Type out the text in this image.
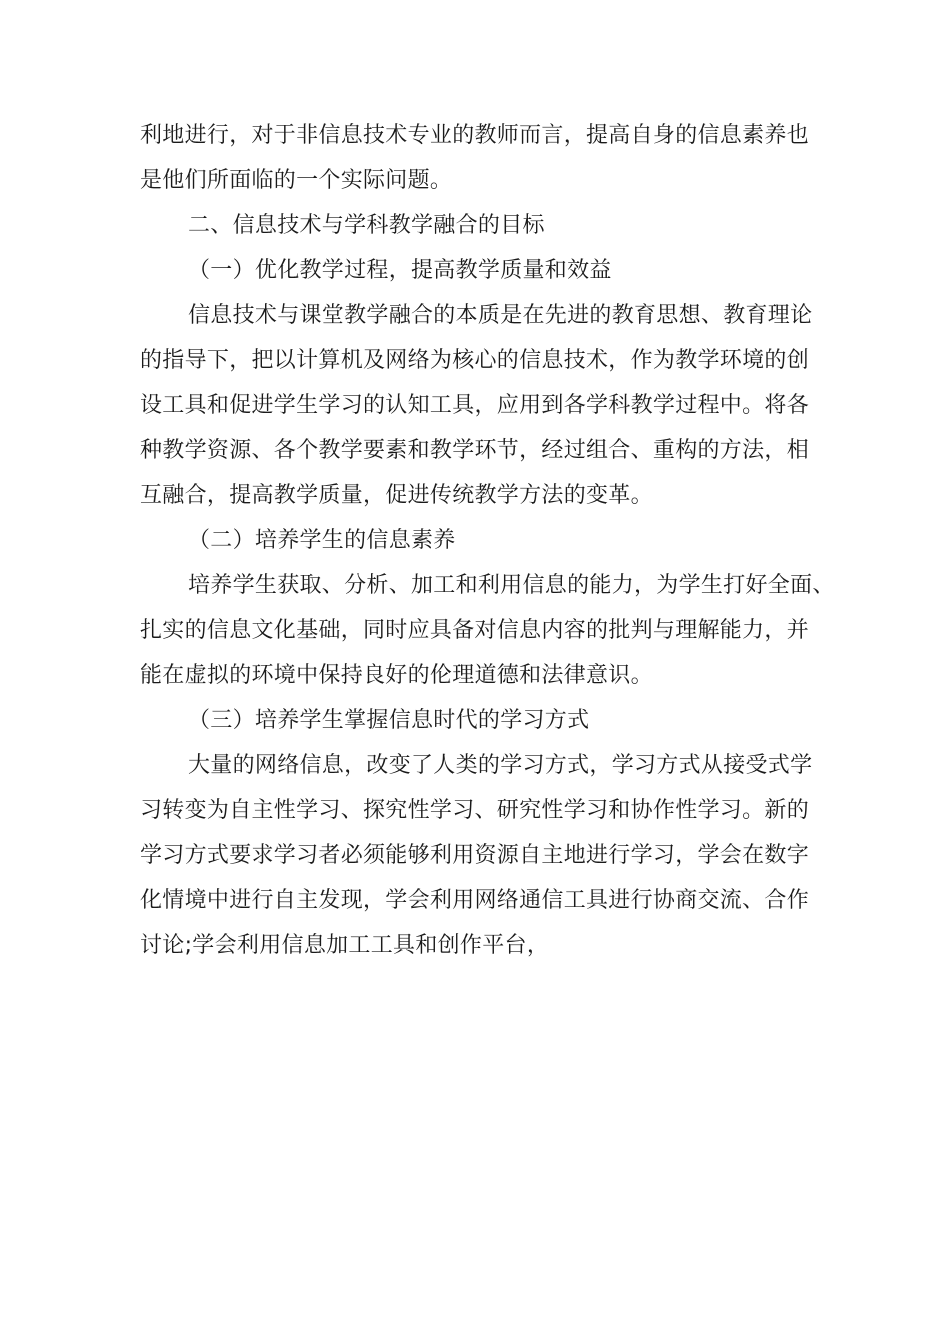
利地进行，对于非信息技术专业的教师而言，提高自身的信息素养也
是他们所面临的一个实际问题。
二、信息技术与学科教学融合的目标
（一）优化教学过程，提高教学质量和效益
信息技术与课堂教学融合的本质是在先进的教育思想、教育理论
的指导下，把以计算机及网络为核心的信息技术，作为教学环境的创
设工具和促进学生学习的认知工具，应用到各学科教学过程中。将各
种教学资源、各个教学要素和教学环节，经过组合、重构的方法，相
互融合，提高教学质量，促进传统教学方法的变革。
（二）培养学生的信息素养
培养学生获取、分析、加工和利用信息的能力，为学生打好全面、
扎实的信息文化基础，同时应具备对信息内容的批判与理解能力，并
能在虚拟的环境中保持良好的伦理道德和法律意识。
（三）培养学生掌握信息时代的学习方式
大量的网络信息，改变了人类的学习方式，学习方式从接受式学
习转变为自主性学习、探究性学习、研究性学习和协作性学习。新的
学习方式要求学习者必须能够利用资源自主地进行学习，学会在数字
化情境中进行自主发现，学会利用网络通信工具进行协商交流、合作
讨论;学会利用信息加工工具和创作平台，
